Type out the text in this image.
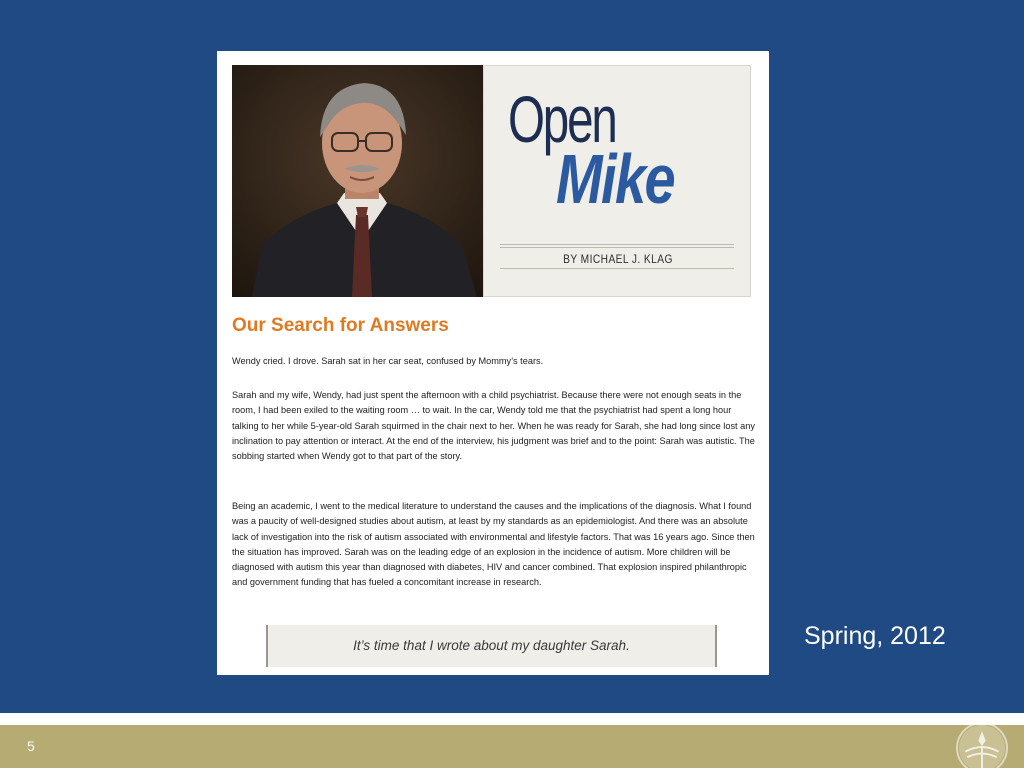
Open
Mike
BY MICHAEL J. KLAG
Our Search for Answers
Wendy cried. I drove. Sarah sat in her car seat, confused by Mommy’s tears.
Sarah and my wife, Wendy, had just spent the afternoon with a child psychiatrist. Because there were not enough seats in the room, I had been exiled to the waiting room … to wait. In the car, Wendy told me that the psychiatrist had spent a long hour talking to her while 5-year-old Sarah squirmed in the chair next to her. When he was ready for Sarah, she had long since lost any inclination to pay attention or interact. At the end of the interview, his judgment was brief and to the point: Sarah was autistic. The sobbing started when Wendy got to that part of the story.
Being an academic, I went to the medical literature to understand the causes and the implications of the diagnosis. What I found was a paucity of well-designed studies about autism, at least by my standards as an epidemiologist. And there was an absolute lack of investigation into the risk of autism associated with environmental and lifestyle factors. That was 16 years ago. Since then the situation has improved. Sarah was on the leading edge of an explosion in the incidence of autism. More children will be diagnosed with autism this year than diagnosed with diabetes, HIV and cancer combined. That explosion inspired philanthropic and government funding that has fueled a concomitant increase in research.
It’s time that I wrote about my daughter Sarah.	Spring, 2012
5
